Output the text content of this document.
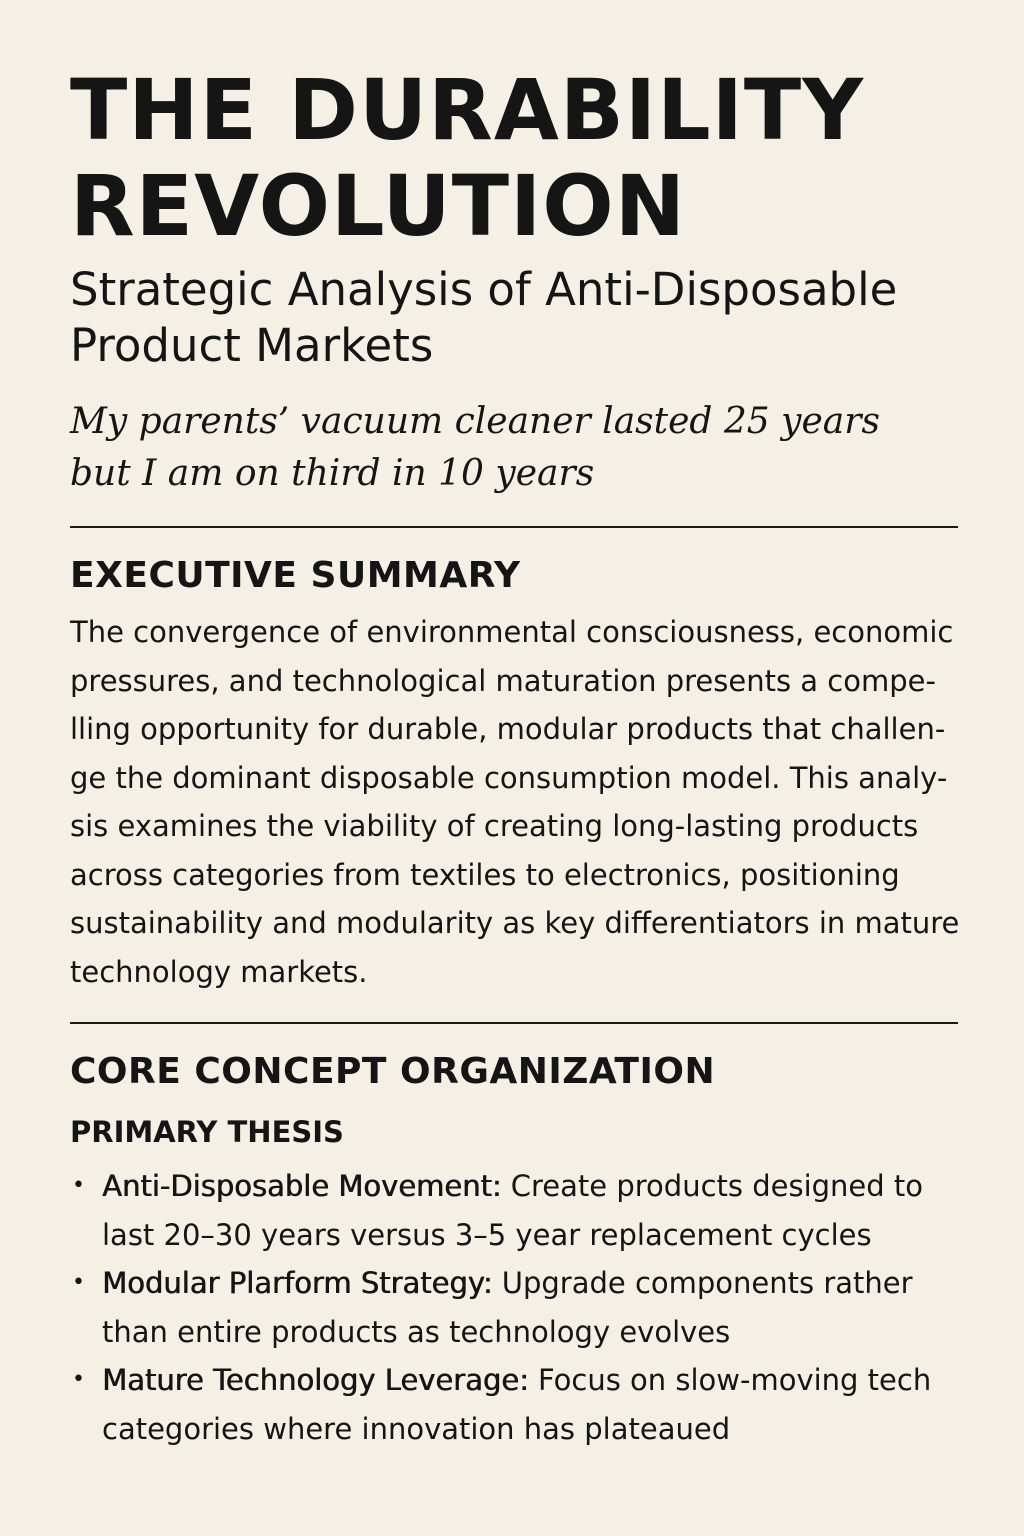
THE DURABILITY
REVOLUTION

Strategic Analysis of Anti-Disposable Product Markets

My parents’ vacuum cleaner lasted 25 years
but I am on third in 10 years

EXECUTIVE SUMMARY

The convergence of environmental consciousness, economic pressures, and technological maturation presents a compe- lling opportunity for durable, modular products that challen- ge the dominant disposable consumption model. This analy- sis examines the viability of creating long-lasting products across categories from textiles to electronics, positioning sustainability and modularity as key differentiators in mature technology markets.

CORE CONCEPT ORGANIZATION
PRIMARY THESIS
• Anti-Disposable Movement: Create products designed to last 20–30 years versus 3–5 year replacement cycles
• Modular Plarform Strategy: Upgrade components rather than entire products as technology evolves
• Mature Technology Leverage: Focus on slow-moving tech categories where innovation has plateaued
